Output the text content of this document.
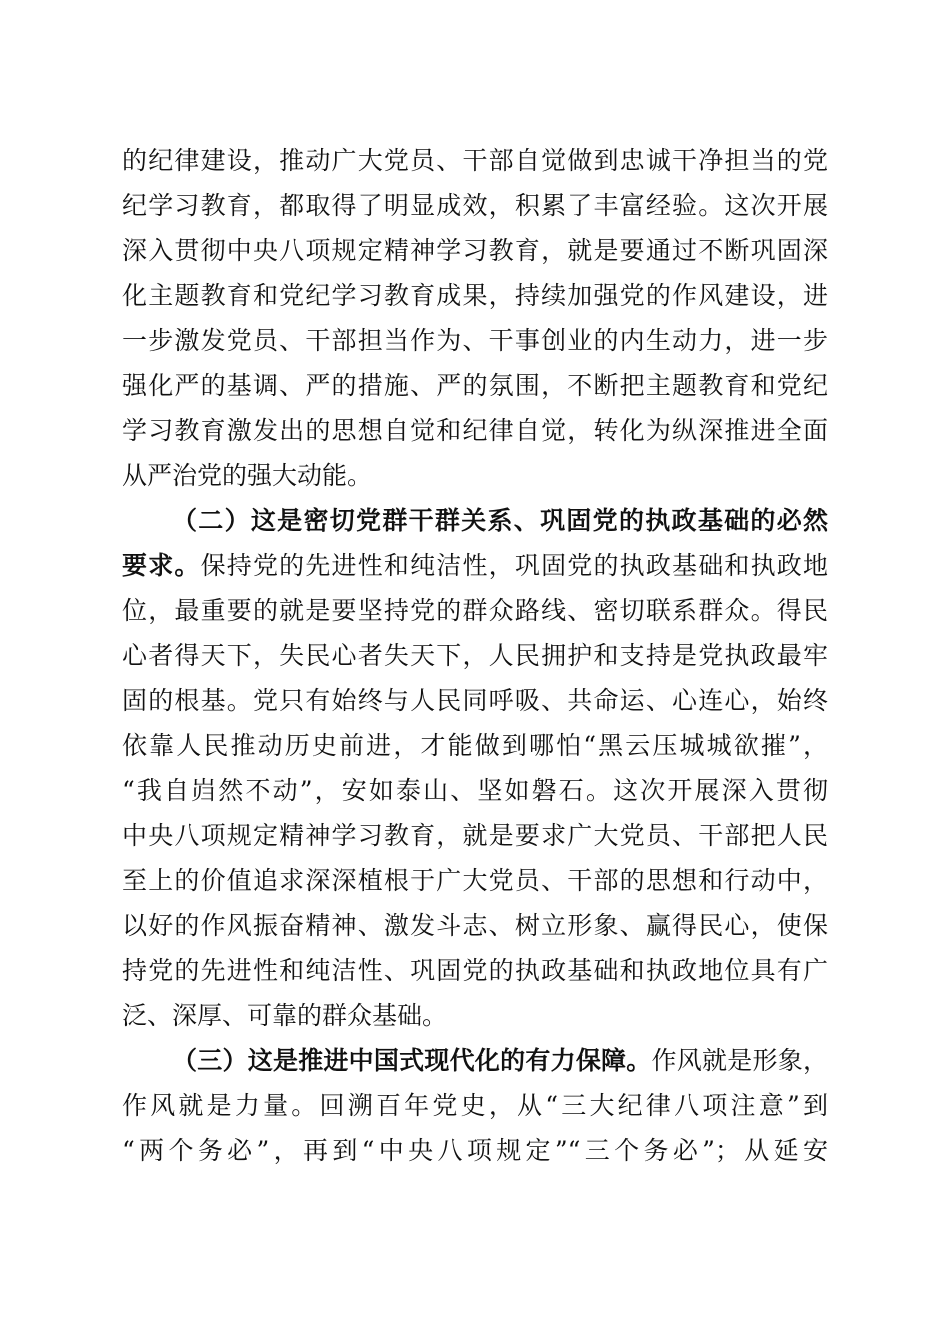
的纪律建设，推动广大党员、干部自觉做到忠诚干净担当的党
纪学习教育，都取得了明显成效，积累了丰富经验。这次开展
深入贯彻中央八项规定精神学习教育，就是要通过不断巩固深
化主题教育和党纪学习教育成果，持续加强党的作风建设，进
一步激发党员、干部担当作为、干事创业的内生动力，进一步
强化严的基调、严的措施、严的氛围，不断把主题教育和党纪
学习教育激发出的思想自觉和纪律自觉，转化为纵深推进全面
从严治党的强大动能。
（二）这是密切党群干群关系、巩固党的执政基础的必然
要求。保持党的先进性和纯洁性，巩固党的执政基础和执政地
位，最重要的就是要坚持党的群众路线、密切联系群众。得民
心者得天下，失民心者失天下，人民拥护和支持是党执政最牢
固的根基。党只有始终与人民同呼吸、共命运、心连心，始终
依靠人民推动历史前进，才能做到哪怕“黑云压城城欲摧”，
“我自岿然不动”，安如泰山、坚如磐石。这次开展深入贯彻
中央八项规定精神学习教育，就是要求广大党员、干部把人民
至上的价值追求深深植根于广大党员、干部的思想和行动中，
以好的作风振奋精神、激发斗志、树立形象、赢得民心，使保
持党的先进性和纯洁性、巩固党的执政基础和执政地位具有广
泛、深厚、可靠的群众基础。
（三）这是推进中国式现代化的有力保障。作风就是形象，
作风就是力量。回溯百年党史，从“三大纪律八项注意”到
“两个务必”，再到“中央八项规定”“三个务必”；从延安
